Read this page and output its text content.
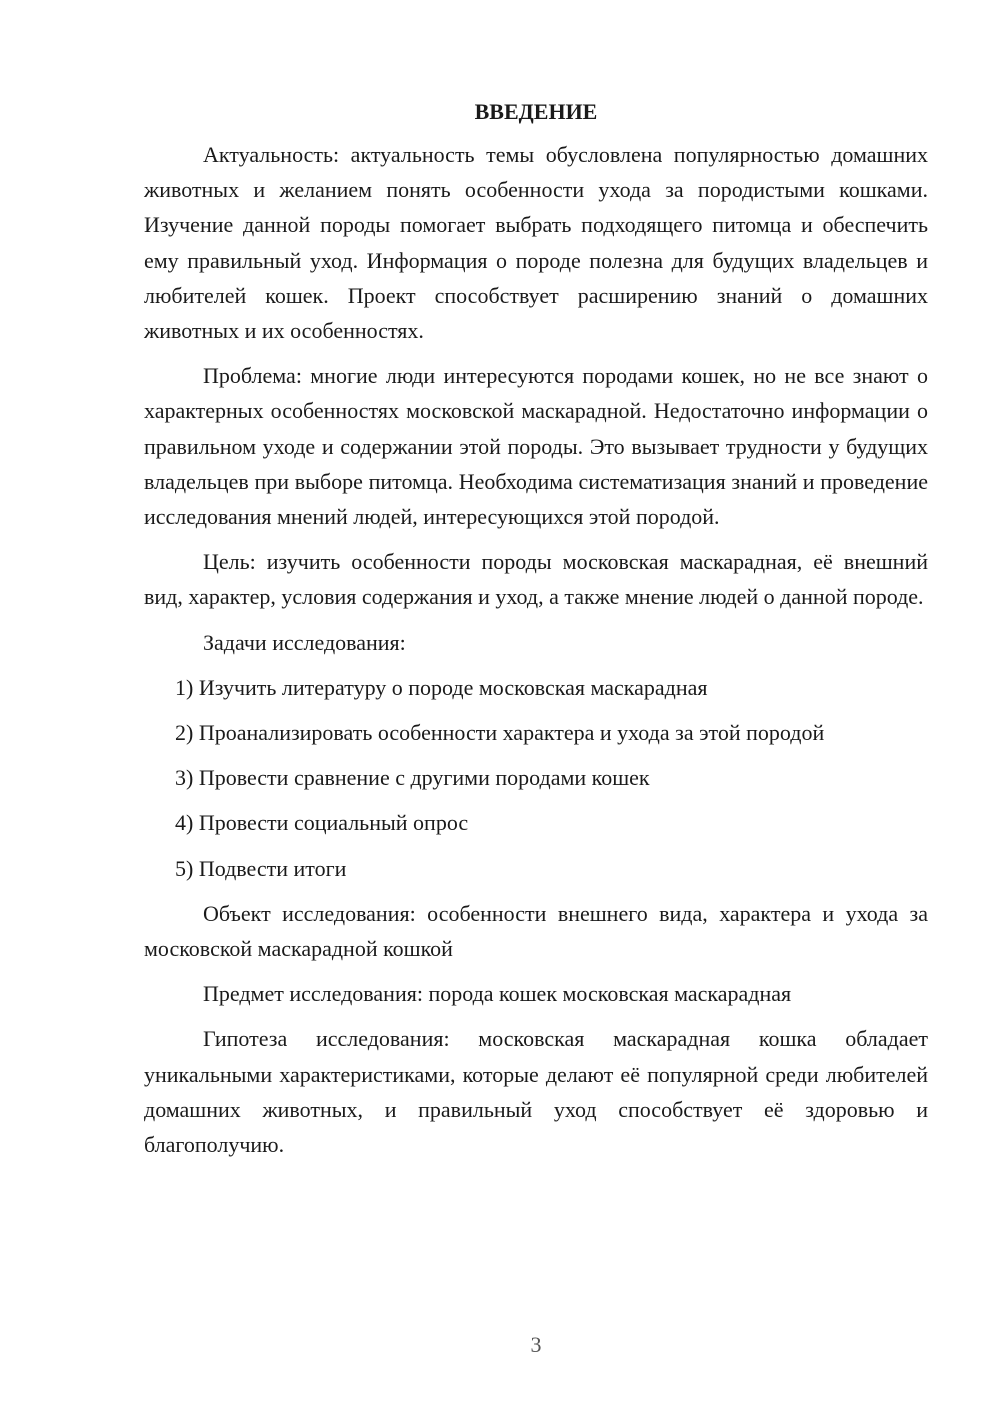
ВВЕДЕНИЕ

Актуальность: актуальность темы обусловлена популярностью домашних животных и желанием понять особенности ухода за породистыми кошками. Изучение данной породы помогает выбрать подходящего питомца и обеспечить ему правильный уход. Информация о породе полезна для будущих владельцев и любителей кошек. Проект способствует расширению знаний о домашних животных и их особенностях.

Проблема: многие люди интересуются породами кошек, но не все знают о характерных особенностях московской маскарадной. Недостаточно информации о правильном уходе и содержании этой породы. Это вызывает трудности у будущих владельцев при выборе питомца. Необходима систематизация знаний и проведение исследования мнений людей, интересующихся этой породой.

Цель: изучить особенности породы московская маскарадная, её внешний вид, характер, условия содержания и уход, а также мнение людей о данной породе.

Задачи исследования:

1) Изучить литературу о породе московская маскарадная
2) Проанализировать особенности характера и ухода за этой породой
3) Провести сравнение с другими породами кошек
4) Провести социальный опрос
5) Подвести итоги

Объект исследования: особенности внешнего вида, характера и ухода за московской маскарадной кошкой

Предмет исследования: порода кошек московская маскарадная

Гипотеза исследования: московская маскарадная кошка обладает уникальными характеристиками, которые делают её популярной среди любителей домашних животных, и правильный уход способствует её здоровью и благополучию.

3
